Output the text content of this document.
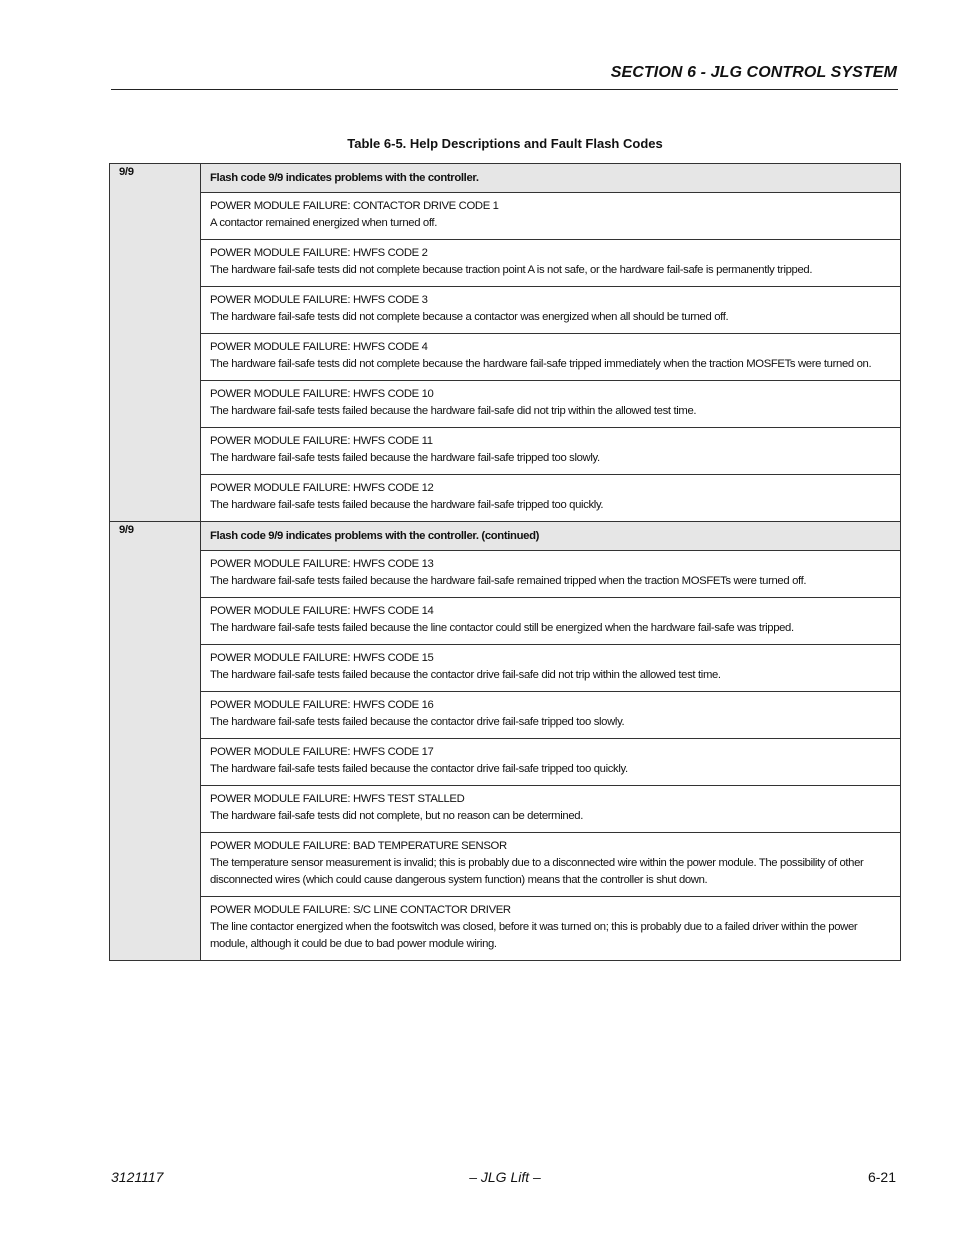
SECTION 6 - JLG CONTROL SYSTEM
Table 6-5. Help Descriptions and Fault Flash Codes
9/9	Flash code 9/9 indicates problems with the controller.

	POWER MODULE FAILURE: CONTACTOR DRIVE CODE 1
A contactor remained energized when turned off.

	POWER MODULE FAILURE: HWFS CODE 2
The hardware fail-safe tests did not complete because traction point A is not safe, or the hardware fail-safe is permanently tripped.

	POWER MODULE FAILURE: HWFS CODE 3
The hardware fail-safe tests did not complete because a contactor was energized when all should be turned off.

	POWER MODULE FAILURE: HWFS CODE 4
The hardware fail-safe tests did not complete because the hardware fail-safe tripped immediately when the traction MOSFETs were turned on.

	POWER MODULE FAILURE: HWFS CODE 10
The hardware fail-safe tests failed because the hardware fail-safe did not trip within the allowed test time.

	POWER MODULE FAILURE: HWFS CODE 11
The hardware fail-safe tests failed because the hardware fail-safe tripped too slowly.

	POWER MODULE FAILURE: HWFS CODE 12
The hardware fail-safe tests failed because the hardware fail-safe tripped too quickly.

9/9	Flash code 9/9 indicates problems with the controller. (continued)

	POWER MODULE FAILURE: HWFS CODE 13
The hardware fail-safe tests failed because the hardware fail-safe remained tripped when the traction MOSFETs were turned off.

	POWER MODULE FAILURE: HWFS CODE 14
The hardware fail-safe tests failed because the line contactor could still be energized when the hardware fail-safe was tripped.

	POWER MODULE FAILURE: HWFS CODE 15
The hardware fail-safe tests failed because the contactor drive fail-safe did not trip within the allowed test time.

	POWER MODULE FAILURE: HWFS CODE 16
The hardware fail-safe tests failed because the contactor drive fail-safe tripped too slowly.

	POWER MODULE FAILURE: HWFS CODE 17
The hardware fail-safe tests failed because the contactor drive fail-safe tripped too quickly.

	POWER MODULE FAILURE: HWFS TEST STALLED
The hardware fail-safe tests did not complete, but no reason can be determined.

	POWER MODULE FAILURE: BAD TEMPERATURE SENSOR
The temperature sensor measurement is invalid; this is probably due to a disconnected wire within the power module. The possibility of other disconnected wires (which could cause dangerous system function) means that the controller is shut down.

	POWER MODULE FAILURE: S/C LINE CONTACTOR DRIVER
The line contactor energized when the footswitch was closed, before it was turned on; this is probably due to a failed driver within the power module, although it could be due to bad power module wiring.
3121117	– JLG Lift –	6-21
